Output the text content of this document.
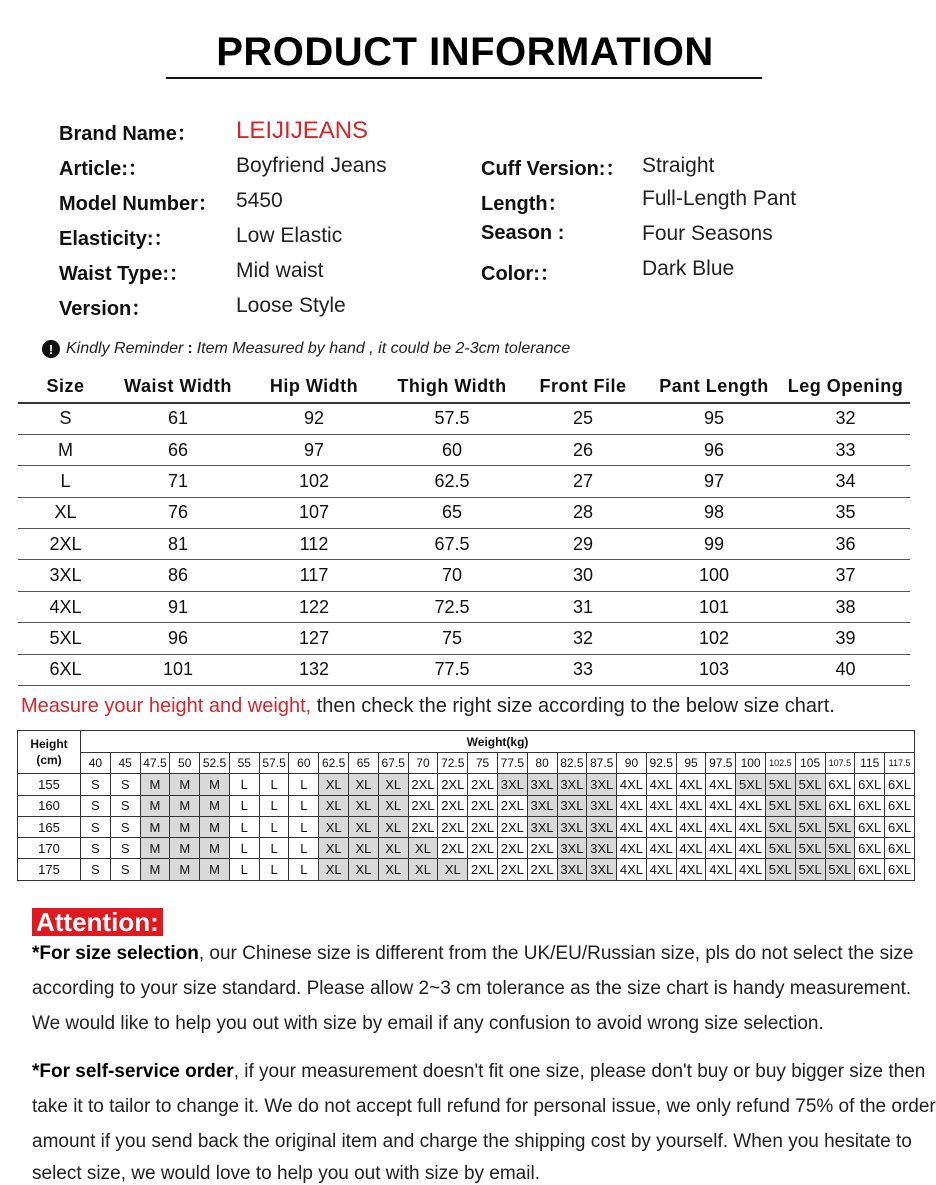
PRODUCT INFORMATION
Brand Name： LEIJIJEANS
Article:：	Boyfriend Jeans
Model Number： 5450
Elasticity:：	Low Elastic
Waist Type:： Mid waist
Version：	Loose Style
Cuff Version:： Straight
Length：	Full-Length Pant
Season :	Four Seasons
Color:：	Dark Blue
! Kindly Reminder : Item Measured by hand , it could be 2-3cm tolerance
Size	Waist Width	Hip Width	Thigh Width	Front File	Pant Length	Leg Opening
S	61	92	57.5	25	95	32
M	66	97	60	26	96	33
L	71	102	62.5	27	97	34
XL	76	107	65	28	98	35
2XL	81	112	67.5	29	99	36
3XL	86	117	70	30	100	37
4XL	91	122	72.5	31	101	38
5XL	96	127	75	32	102	39
6XL	101	132	77.5	33	103	40
Measure your height and weight, then check the right size according to the below size chart.
Height
(cm)	Weight(kg)																											
	40	45	47.5	50	52.5	55	57.5	60	62.5	65	67.5	70	72.5	75	77.5	80	82.5	87.5	90	92.5	95	97.5	100	102.5	105	107.5	115	117.5
155	S	S	M	M	M	L	L	L	XL	XL	XL	2XL	2XL	2XL	3XL	3XL	3XL	3XL	4XL	4XL	4XL	4XL	5XL	5XL	5XL	6XL	6XL	6XL
160	S	S	M	M	M	L	L	L	XL	XL	XL	2XL	2XL	2XL	2XL	3XL	3XL	3XL	4XL	4XL	4XL	4XL	4XL	5XL	5XL	6XL	6XL	6XL
165	S	S	M	M	M	L	L	L	XL	XL	XL	2XL	2XL	2XL	2XL	3XL	3XL	3XL	4XL	4XL	4XL	4XL	4XL	5XL	5XL	5XL	6XL	6XL
170	S	S	M	M	M	L	L	L	XL	XL	XL	XL	2XL	2XL	2XL	2XL	3XL	3XL	4XL	4XL	4XL	4XL	4XL	5XL	5XL	5XL	6XL	6XL
175	S	S	M	M	M	L	L	L	XL	XL	XL	XL	XL	2XL	2XL	2XL	3XL	3XL	4XL	4XL	4XL	4XL	4XL	5XL	5XL	5XL	6XL	6XL
Attention:
*For size selection, our Chinese size is different from the UK/EU/Russian size, pls do not select the size
according to your size standard. Please allow 2~3 cm tolerance as the size chart is handy measurement.
We would like to help you out with size by email if any confusion to avoid wrong size selection.
*For self-service order, if your measurement doesn't fit one size, please don't buy or buy bigger size then
take it to tailor to change it. We do not accept full refund for personal issue, we only refund 75% of the order
amount if you send back the original item and charge the shipping cost by yourself. When you hesitate to
select size, we would love to help you out with size by email.
